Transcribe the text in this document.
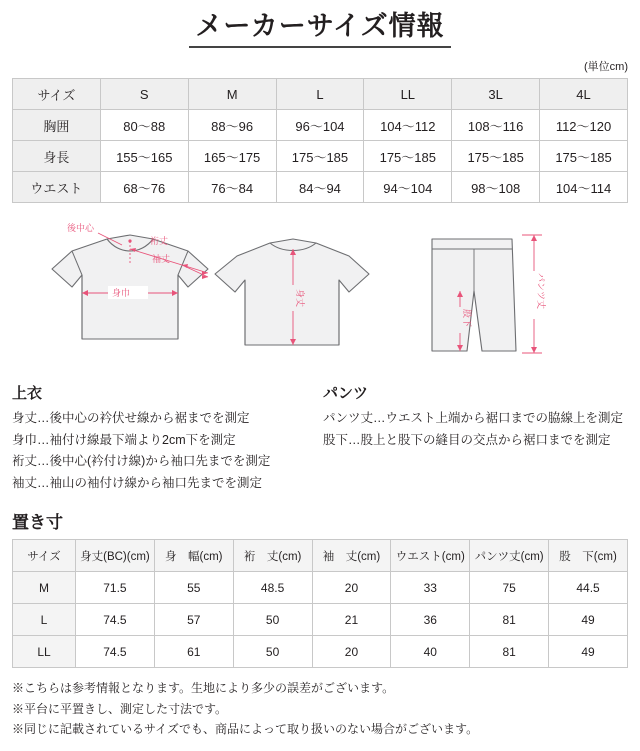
メーカーサイズ情報
(単位cm)
サイズ	S	M	L	LL	3L	4L
胸囲	80〜88	88〜96	96〜104	104〜112	108〜116	112〜120
身長	155〜165	165〜175	175〜185	175〜185	175〜185	175〜185
ウエスト	68〜76	76〜84	84〜94	94〜104	98〜108	104〜114
後中心
裄丈
袖丈
身巾	身丈	パンツ丈
股下
上衣
身丈…後中心の衿伏せ線から裾までを測定
身巾…袖付け線最下端より2cm下を測定
裄丈…後中心(衿付け線)から袖口先までを測定
袖丈…袖山の袖付け線から袖口先までを測定
パンツ
パンツ丈…ウエスト上端から裾口までの脇線上を測定
股下…股上と股下の縫目の交点から裾口までを測定
置き寸
サイズ	身丈(BC)(cm)	身　幅(cm)	裄　丈(cm)	袖　丈(cm)	ウエスト(cm)	パンツ丈(cm)	股　下(cm)
M	71.5	55	48.5	20	33	75	44.5
L	74.5	57	50	21	36	81	49
LL	74.5	61	50	20	40	81	49
※こちらは参考情報となります。生地により多少の誤差がございます。
※平台に平置きし、測定した寸法です。
※同じに記載されているサイズでも、商品によって取り扱いのない場合がございます。
